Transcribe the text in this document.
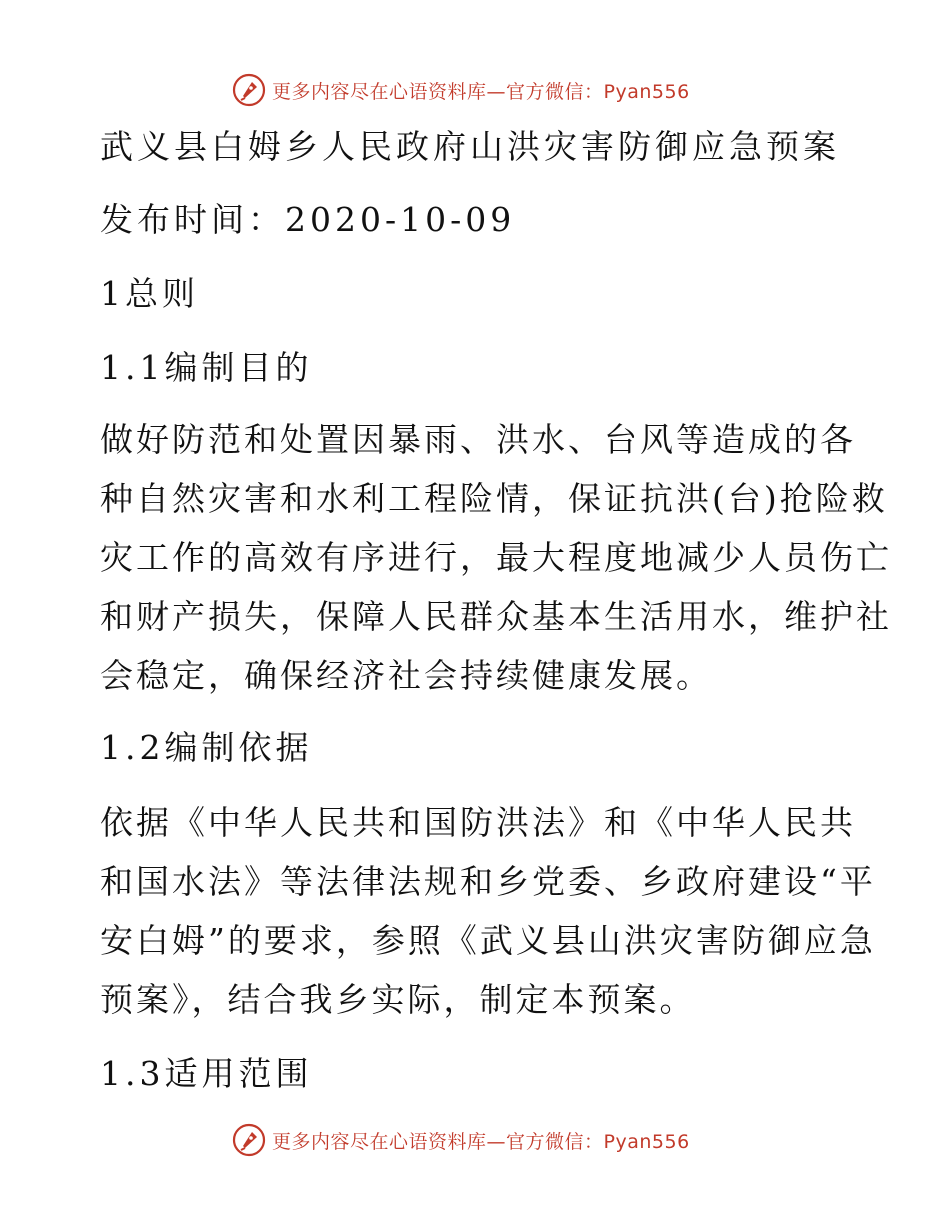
更多内容尽在心语资料库—官方微信：Pyan556
武义县白姆乡人民政府山洪灾害防御应急预案
发布时间：2020-10-09
1总则
1.1编制目的
做好防范和处置因暴雨、洪水、台风等造成的各
种自然灾害和水利工程险情，保证抗洪(台)抢险救
灾工作的高效有序进行，最大程度地减少人员伤亡
和财产损失，保障人民群众基本生活用水，维护社
会稳定，确保经济社会持续健康发展。
1.2编制依据
依据《中华人民共和国防洪法》和《中华人民共
和国水法》等法律法规和乡党委、乡政府建设“平
安白姆”的要求，参照《武义县山洪灾害防御应急
预案》，结合我乡实际，制定本预案。
1.3适用范围
更多内容尽在心语资料库—官方微信：Pyan556
